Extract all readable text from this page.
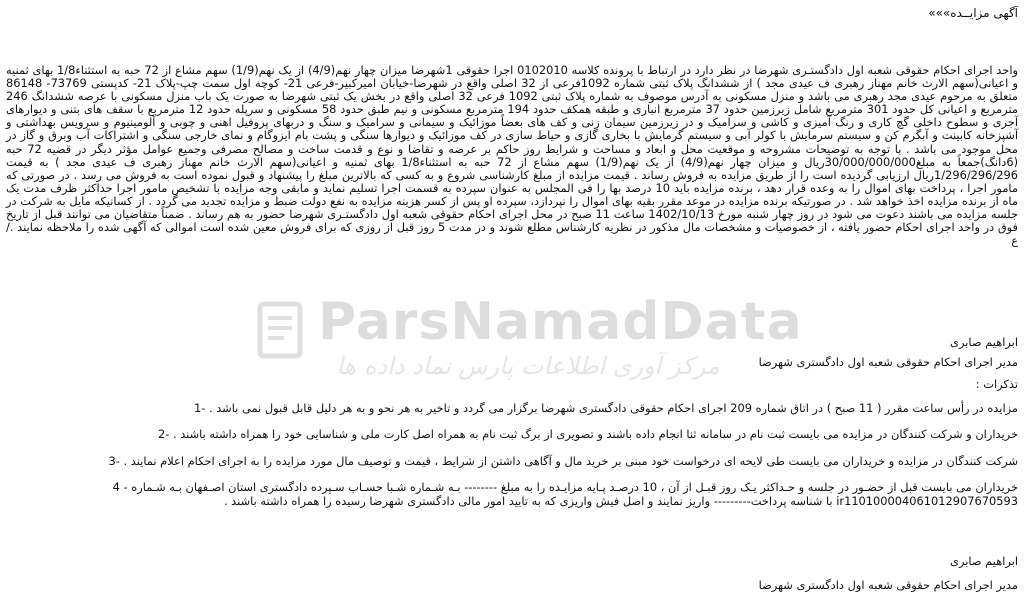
آگهی مزایــده»»»

واحد اجرای احکام حقوقی شعبه اول دادگستـری شهرضا در نظر دارد در ارتباط با پرونده کلاسه 0102010 اجرا حقوقی 1شهرضا میزان چهار نهم(4/9) از یک نهم(1/9) سهم مشاع از 72 حبه به استثناء1/8 بهای ثمنیه و اعیانی(سهم الارث خانم مهناز رهبری ف عیدی مجد ) از ششدانگ پلاک ثبتی شماره 1092فرعی از 32 اصلی واقع در شهرضا-خیابان امیرکبیر-فرعی 21- کوچه اول سمت چپ-پلاک 21- کدپستی 73769- 86148 متعلق به مرحوم عیدی مجد رهبری می باشد و منزل مسکونی به آدرس موصوف به شماره پلاک ثبتی 1092 فرعی 32 اصلی واقع در بخش یک ثبتی شهرضا به صورت یک باب منزل مسکونی با عرصه ششدانگ 246 مترمربع و اعیانی کل حدود 301 مترمربع شامل زیرزمین حدود 37 مترمربع انباری و طبقه همکف حدود 194 مترمربع مسکونی و نیم طبق حدود 58 مسکونی و سرپله حدود 12 مترمربع با سقف های بتنی و دیوارهای آجری و سطوح داخلی گچ کاری و رنگ آمیزی و کاشی و سرامیک و در زیرزمین سیمان زنی و کف های بعضاً موزائیک و سیمانی و سرامیک و سنگ و دربهای پروفیل اهنی و چوبی و آلومینیوم و سرویس بهداشتی و آشپزخانه کابینت و آبگرم کن و سیستم سرمایش با کولر آبی و سیستم گرمایش با بخاری گازی و حیاط سازی در کف موزائیک و دیوارها سنگی و پشت بام ایزوگام و نمای خارجی سنگی و اشتراکات آب وبرق و گاز در محل موجود می باشد . با توجه به توضیحات مشروحه و موقعیت محل و ابعاد و مساحت و شرایط روز حاکم بر عرضه و تقاضا و نوع و قدمت ساخت و مصالح مصرفی وجمیع عوامل مؤثر دیگر در قضیه 72 حبه (6دانگ)جمعاً به مبلغ30/000/000/000ریال و میزان چهار نهم(4/9) از یک نهم(1/9) سهم مشاع از 72 حبه به استثناء1/8 بهای ثمنیه و اعیانی(سهم الارث خانم مهناز رهبری ف عیدی مجد ) به قیمت 1/296/296/296ریال ارزیابی گردیده است را از طریق مزایده به فروش رساند . قیمت مزایده از مبلغ کارشناسی شروع و به کسی که بالاترین مبلغ را پیشنهاد و قبول نموده است به فروش می رسد . در صورتی که مامور اجرا ، پرداخت بهای اموال را به وعده قرار دهد ، برنده مزایده باید 10 درصد بها را فی المجلس به عنوان سپرده به قسمت اجرا تسلیم نماید و مابقی وجه مزایده با تشخیص مامور اجرا حداکثر ظرف مدت یک ماه از برنده مزایده اخذ خواهد شد . در صورتیکه برنده مزایده در موعد مقرر بقیه بهای اموال را نپردازد، سپرده او پس از کسر هزینه مزایده به نفع دولت ضبط و مزایده تجدید می گردد . از کسانیکه مایل به شرکت در جلسه مزایده می باشند دعوت می شود در روز چهار شنبه مورخ 1402/10/13 ساعت 11 صبح در محل اجرای احکام حقوقی شعبه اول دادگستـری شهرضا حضور به هم رساند . ضمناً متقاضیان می توانند قبل از تاریخ فوق در واحد اجرای احکام حضور یافته ، از خصوصیات و مشخصات مال مذکور در نظریه کارشناس مطلع شوند و در مدت 5 روز قبل از روزی که برای فروش معین شده است اموالی که آگهی شده را ملاحظه نمایند ./ع

ابراهیم صابری
مدیر اجرای احکام حقوقی شعبه اول دادگستری شهرضا
تذکرات :
مزایده در رأس ساعت مقرر ( 11 صبح ) در اتاق شماره 209 اجرای احکام حقوقی دادگستری شهرضا برگزار می گردد و تاخیر به هر نحو و به هر دلیل قابل قبول نمی باشد . -1
خریداران و شرکت کنندگان در مزایده می بایست ثبت نام در سامانه ثنا انجام داده باشند و تصویری از برگ ثبت نام به همراه اصل کارت ملی و شناسایی خود را همراه داشته باشند . -2
شرکت کنندگان در مزایده و خریداران می بایست طی لایحه ای درخواست خود مبنی بر خرید مال و آگاهی داشتن از شرایط ، قیمت و توصیف مال مورد مزایده را به اجرای احکام اعلام نمایند . -3
خریداران می بایست قبل از حضـور در جلسه و حـداکثر یـک روز قبـل از آن ، 10 درصـد پـایه مزایـده را به مبلغ -------- بـه شـماره شـبا حسـاب سـپرده دادگستری استان اصـفهان بـه شـماره - 4
ir110100004061012907670593 با شناسه پرداخت--------- واریز نمایند و اصل فیش واریزی که به تایید امور مالی دادگستری شهرضا رسیده را همراه داشته باشند .
ابراهیم صابری
مدیر اجرای احکام حقوقی شعبه اول دادگستری شهرضا
ParsNamadData
مرکز آوری اطلاعات پارس نماد داده ها
